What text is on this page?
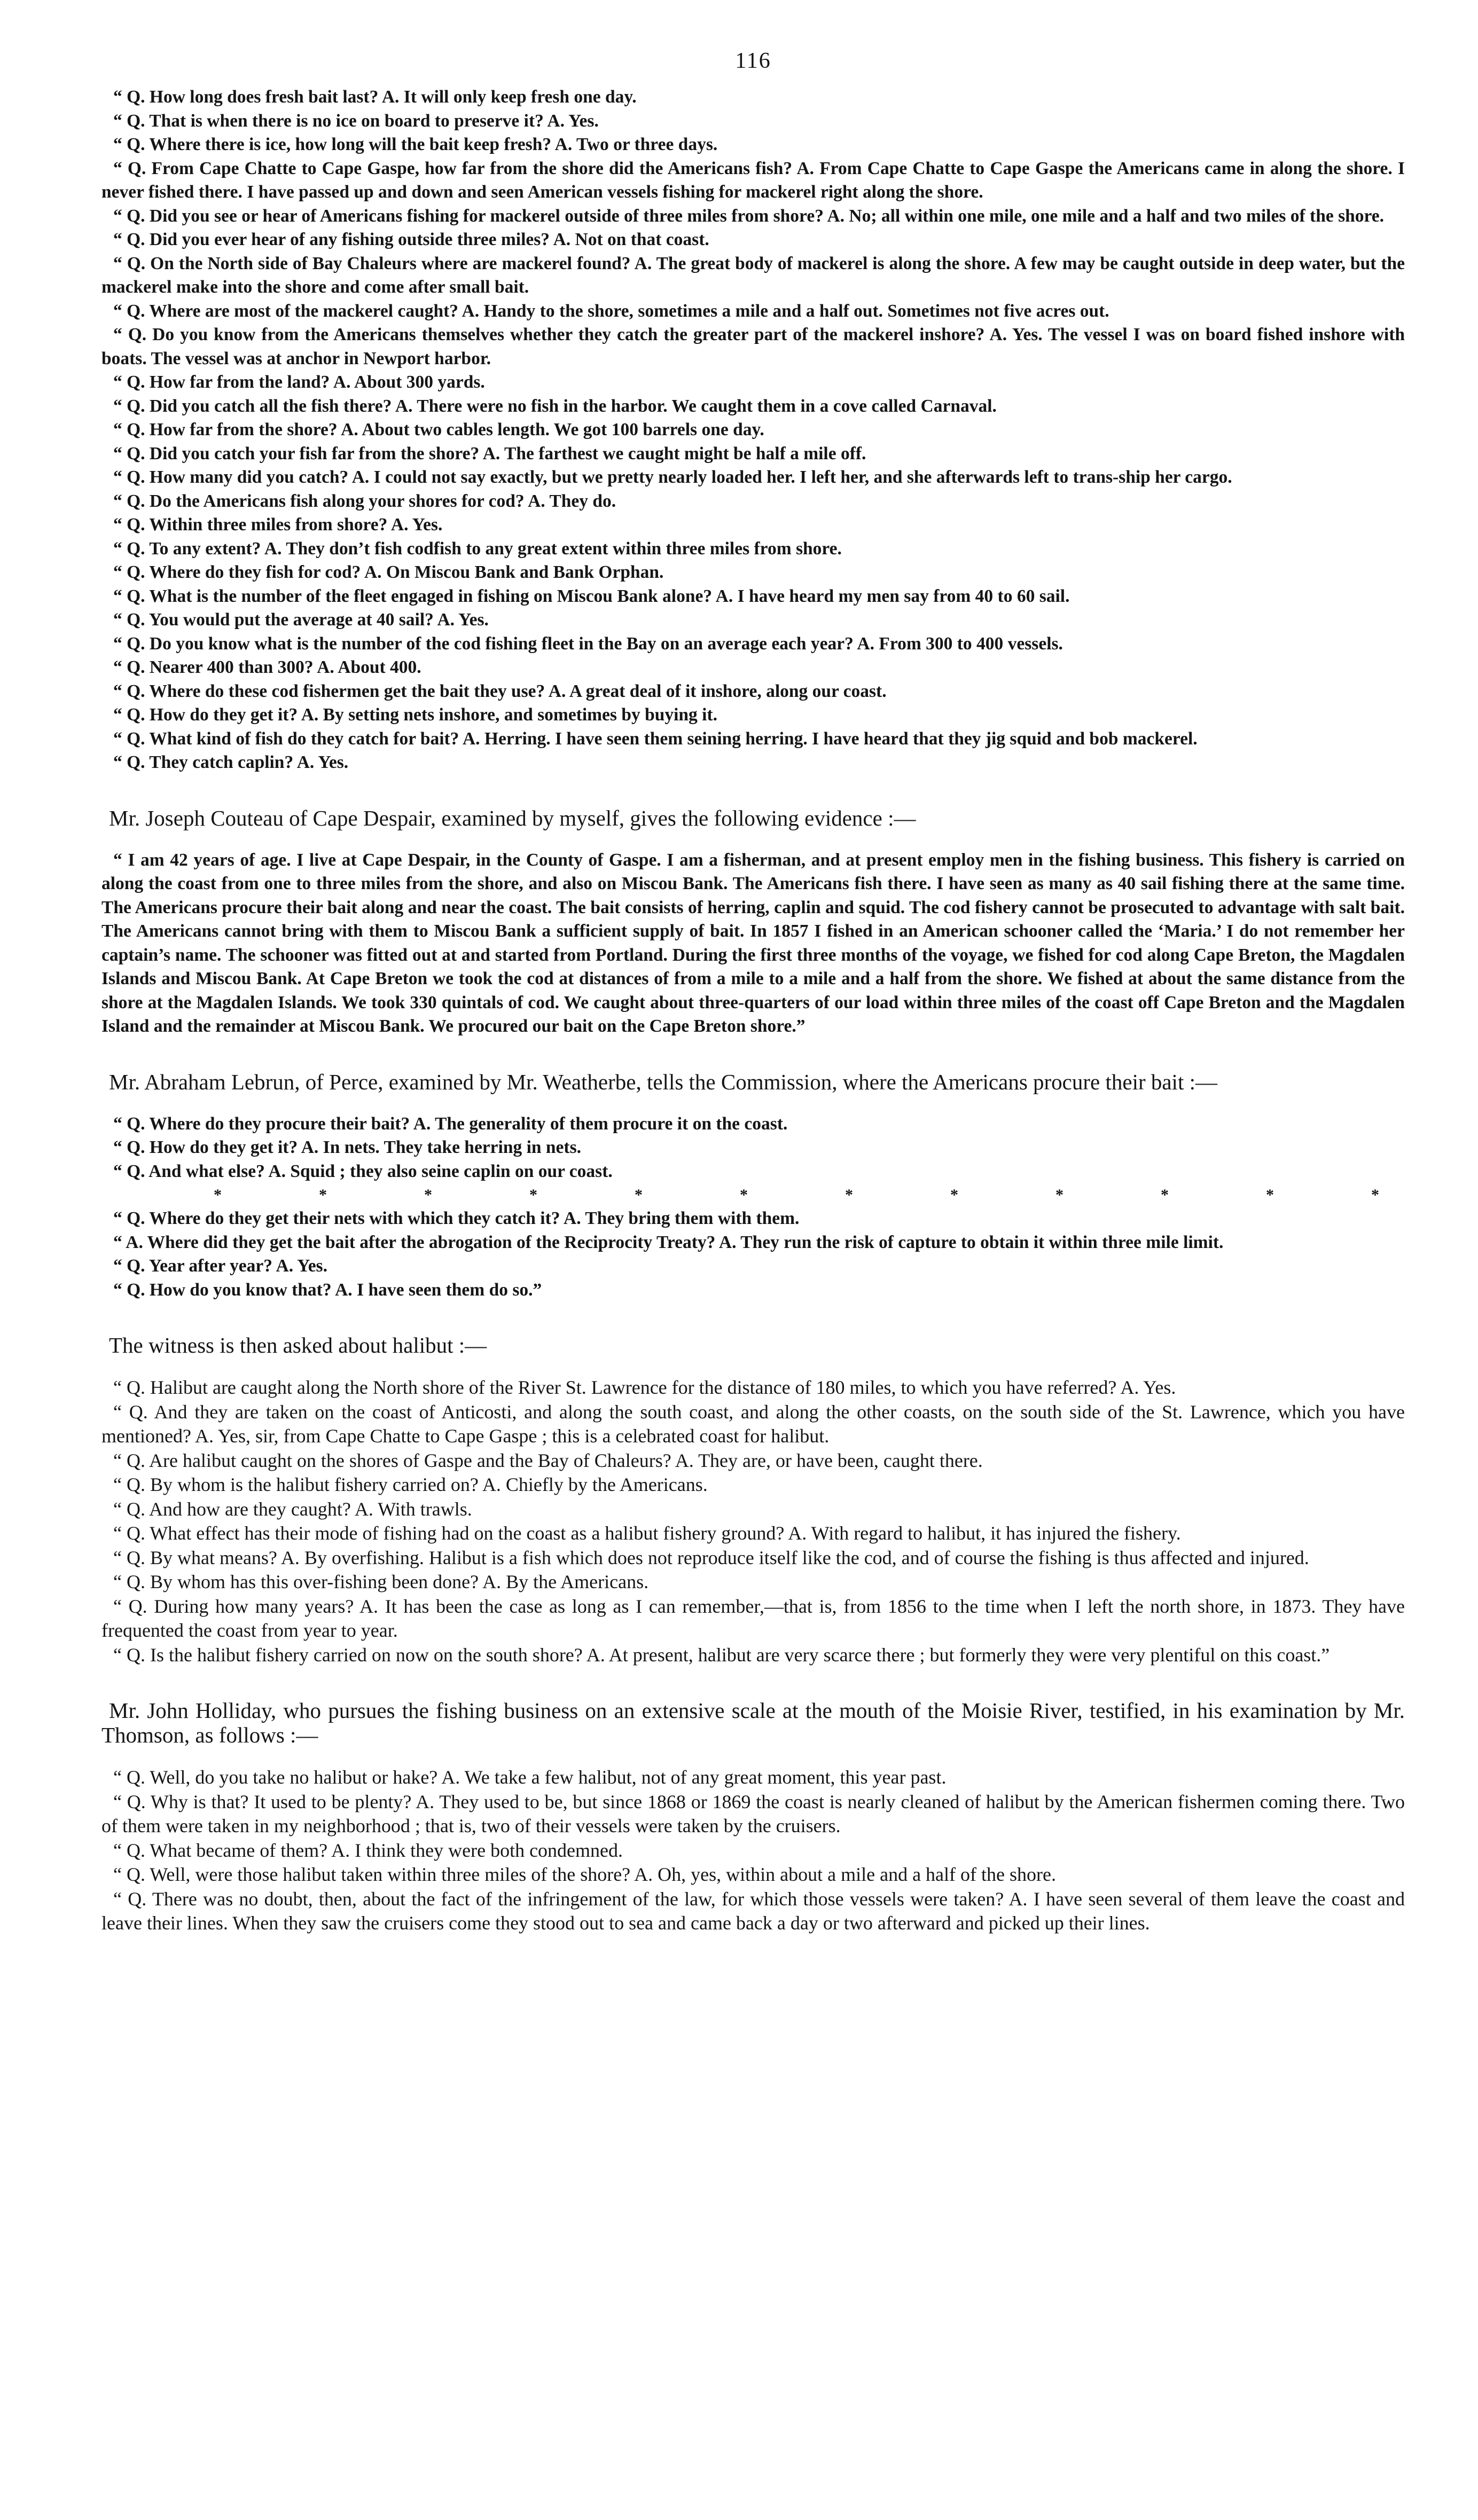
116

“ Q. How long does fresh bait last? A. It will only keep fresh one day.

“ Q. That is when there is no ice on board to preserve it? A. Yes.

“ Q. Where there is ice, how long will the bait keep fresh? A. Two or three days.

“ Q. From Cape Chatte to Cape Gaspe, how far from the shore did the Americans fish? A. From Cape Chatte to Cape Gaspe the Americans came in along the shore. I never fished there. I have passed up and down and seen American vessels fishing for mackerel right along the shore.

“ Q. Did you see or hear of Americans fishing for mackerel outside of three miles from shore? A. No; all within one mile, one mile and a half and two miles of the shore.

“ Q. Did you ever hear of any fishing outside three miles? A. Not on that coast.

“ Q. On the North side of Bay Chaleurs where are mackerel found? A. The great body of mackerel is along the shore. A few may be caught outside in deep water, but the mackerel make into the shore and come after small bait.

“ Q. Where are most of the mackerel caught? A. Handy to the shore, sometimes a mile and a half out. Sometimes not five acres out.

“ Q. Do you know from the Americans themselves whether they catch the greater part of the mackerel inshore? A. Yes. The vessel I was on board fished inshore with boats. The vessel was at anchor in Newport harbor.

“ Q. How far from the land? A. About 300 yards.

“ Q. Did you catch all the fish there? A. There were no fish in the harbor. We caught them in a cove called Carnaval.

“ Q. How far from the shore? A. About two cables length. We got 100 barrels one day.

“ Q. Did you catch your fish far from the shore? A. The farthest we caught might be half a mile off.

“ Q. How many did you catch? A. I could not say exactly, but we pretty nearly loaded her. I left her, and she afterwards left to trans-ship her cargo.

“ Q. Do the Americans fish along your shores for cod? A. They do.

“ Q. Within three miles from shore? A. Yes.

“ Q. To any extent? A. They don’t fish codfish to any great extent within three miles from shore.

“ Q. Where do they fish for cod? A. On Miscou Bank and Bank Orphan.

“ Q. What is the number of the fleet engaged in fishing on Miscou Bank alone? A. I have heard my men say from 40 to 60 sail.

“ Q. You would put the average at 40 sail? A. Yes.

“ Q. Do you know what is the number of the cod fishing fleet in the Bay on an average each year? A. From 300 to 400 vessels.

“ Q. Nearer 400 than 300? A. About 400.

“ Q. Where do these cod fishermen get the bait they use? A. A great deal of it inshore, along our coast.

“ Q. How do they get it? A. By setting nets inshore, and sometimes by buying it.

“ Q. What kind of fish do they catch for bait? A. Herring. I have seen them seining herring. I have heard that they jig squid and bob mackerel.

“ Q. They catch caplin? A. Yes.

Mr. Joseph Couteau of Cape Despair, examined by myself, gives the following evidence :—

“ I am 42 years of age. I live at Cape Despair, in the County of Gaspe. I am a fisherman, and at present employ men in the fishing business. This fishery is carried on along the coast from one to three miles from the shore, and also on Miscou Bank. The Americans fish there. I have seen as many as 40 sail fishing there at the same time. The Americans procure their bait along and near the coast. The bait consists of herring, caplin and squid. The cod fishery cannot be prosecuted to advantage with salt bait. The Americans cannot bring with them to Miscou Bank a sufficient supply of bait. In 1857 I fished in an American schooner called the ‘Maria.’ I do not remember her captain’s name. The schooner was fitted out at and started from Portland. During the first three months of the voyage, we fished for cod along Cape Breton, the Magdalen Islands and Miscou Bank. At Cape Breton we took the cod at distances of from a mile to a mile and a half from the shore. We fished at about the same distance from the shore at the Magdalen Islands. We took 330 quintals of cod. We caught about three-quarters of our load within three miles of the coast off Cape Breton and the Magdalen Island and the remainder at Miscou Bank. We procured our bait on the Cape Breton shore.”

Mr. Abraham Lebrun, of Perce, examined by Mr. Weatherbe, tells the Commission, where the Americans procure their bait :—

“ Q. Where do they procure their bait? A. The generality of them procure it on the coast.

“ Q. How do they get it? A. In nets. They take herring in nets.

“ Q. And what else? A. Squid ; they also seine caplin on our coast.

*	*	*	*	*	*	*	*	*	*	*	*

“ Q. Where do they get their nets with which they catch it? A. They bring them with them.

“ A. Where did they get the bait after the abrogation of the Reciprocity Treaty? A. They run the risk of capture to obtain it within three mile limit.

“ Q. Year after year? A. Yes.

“ Q. How do you know that? A. I have seen them do so.”

The witness is then asked about halibut :—

“ Q. Halibut are caught along the North shore of the River St. Lawrence for the distance of 180 miles, to which you have referred? A. Yes.

“ Q. And they are taken on the coast of Anticosti, and along the south coast, and along the other coasts, on the south side of the St. Lawrence, which you have mentioned? A. Yes, sir, from Cape Chatte to Cape Gaspe ; this is a celebrated coast for halibut.

“ Q. Are halibut caught on the shores of Gaspe and the Bay of Chaleurs? A. They are, or have been, caught there.

“ Q. By whom is the halibut fishery carried on? A. Chiefly by the Americans.

“ Q. And how are they caught? A. With trawls.

“ Q. What effect has their mode of fishing had on the coast as a halibut fishery ground? A. With regard to halibut, it has injured the fishery.

“ Q. By what means? A. By overfishing. Halibut is a fish which does not reproduce itself like the cod, and of course the fishing is thus affected and injured.

“ Q. By whom has this over-fishing been done? A. By the Americans.

“ Q. During how many years? A. It has been the case as long as I can remember,—that is, from 1856 to the time when I left the north shore, in 1873. They have frequented the coast from year to year.

“ Q. Is the halibut fishery carried on now on the south shore? A. At present, halibut are very scarce there ; but formerly they were very plentiful on this coast.”

Mr. John Holliday, who pursues the fishing business on an extensive scale at the mouth of the Moisie River, testified, in his examination by Mr. Thomson, as follows :—

“ Q. Well, do you take no halibut or hake? A. We take a few halibut, not of any great moment, this year past.

“ Q. Why is that? It used to be plenty? A. They used to be, but since 1868 or 1869 the coast is nearly cleaned of halibut by the American fishermen coming there. Two of them were taken in my neighborhood ; that is, two of their vessels were taken by the cruisers.

“ Q. What became of them? A. I think they were both condemned.

“ Q. Well, were those halibut taken within three miles of the shore? A. Oh, yes, within about a mile and a half of the shore.

“ Q. There was no doubt, then, about the fact of the infringement of the law, for which those vessels were taken? A. I have seen several of them leave the coast and leave their lines. When they saw the cruisers come they stood out to sea and came back a day or two afterward and picked up their lines.
